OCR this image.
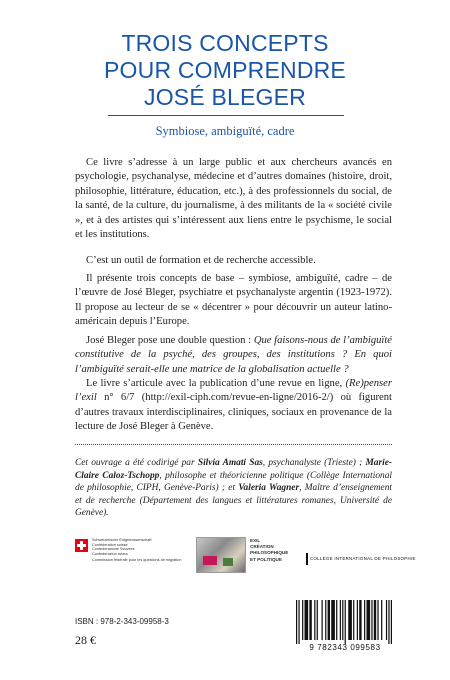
TROIS CONCEPTS
POUR COMPRENDRE
JOSÉ BLEGER
Symbiose, ambiguïté, cadre

Ce livre s’adresse à un large public et aux chercheurs avancés en psychologie, psychanalyse, médecine et d’autres domaines (histoire, droit, philosophie, littérature, éducation, etc.), à des professionnels du social, de la santé, de la culture, du journalisme, à des militants de la « société civile », et à des artistes qui s’intéressent aux liens entre le psychisme, le social et les institutions.

C’est un outil de formation et de recherche accessible.

Il présente trois concepts de base – symbiose, ambiguïté, cadre – de l’œuvre de José Bleger, psychiatre et psychanalyste argentin (1923-1972). Il propose au lecteur de se « décentrer » pour découvrir un auteur latino-américain depuis l’Europe.

José Bleger pose une double question : Que faisons-nous de l’ambiguïté constitutive de la psyché, des groupes, des institutions ? En quoi l’ambiguïté serait-elle une matrice de la globalisation actuelle ?

Le livre s’articule avec la publication d’une revue en ligne, (Re)penser l’exil n° 6/7 (http://exil-ciph.com/revue-en-ligne/2016-2/) où figurent d’autres travaux interdisciplinaires, cliniques, sociaux en provenance de la lecture de José Bleger à Genève.

Cet ouvrage a été codirigé par Silvia Amati Sas, psychanalyste (Trieste) ; Marie-Claire Caloz-Tschopp, philosophe et théoricienne politique (Collège International de philosophie, CIPH, Genève-Paris) ; et Valeria Wagner, Maître d’enseignement et de recherche (Département des langues et littératures romanes, Université de Genève).
Schweizerische Eidgenossenschaft
Confédération suisse
Confederazione Svizzera
Confederaziun svizra
Commission fédérale pour les questions de migration
EXIL
CRÉATION
PHILOSOPHIQUE
ET POLITIQUE	COLLÈGE INTERNATIONAL DE PHILOSOPHIE
ISBN : 978-2-343-09958-3
28 €
9 782343 099583
